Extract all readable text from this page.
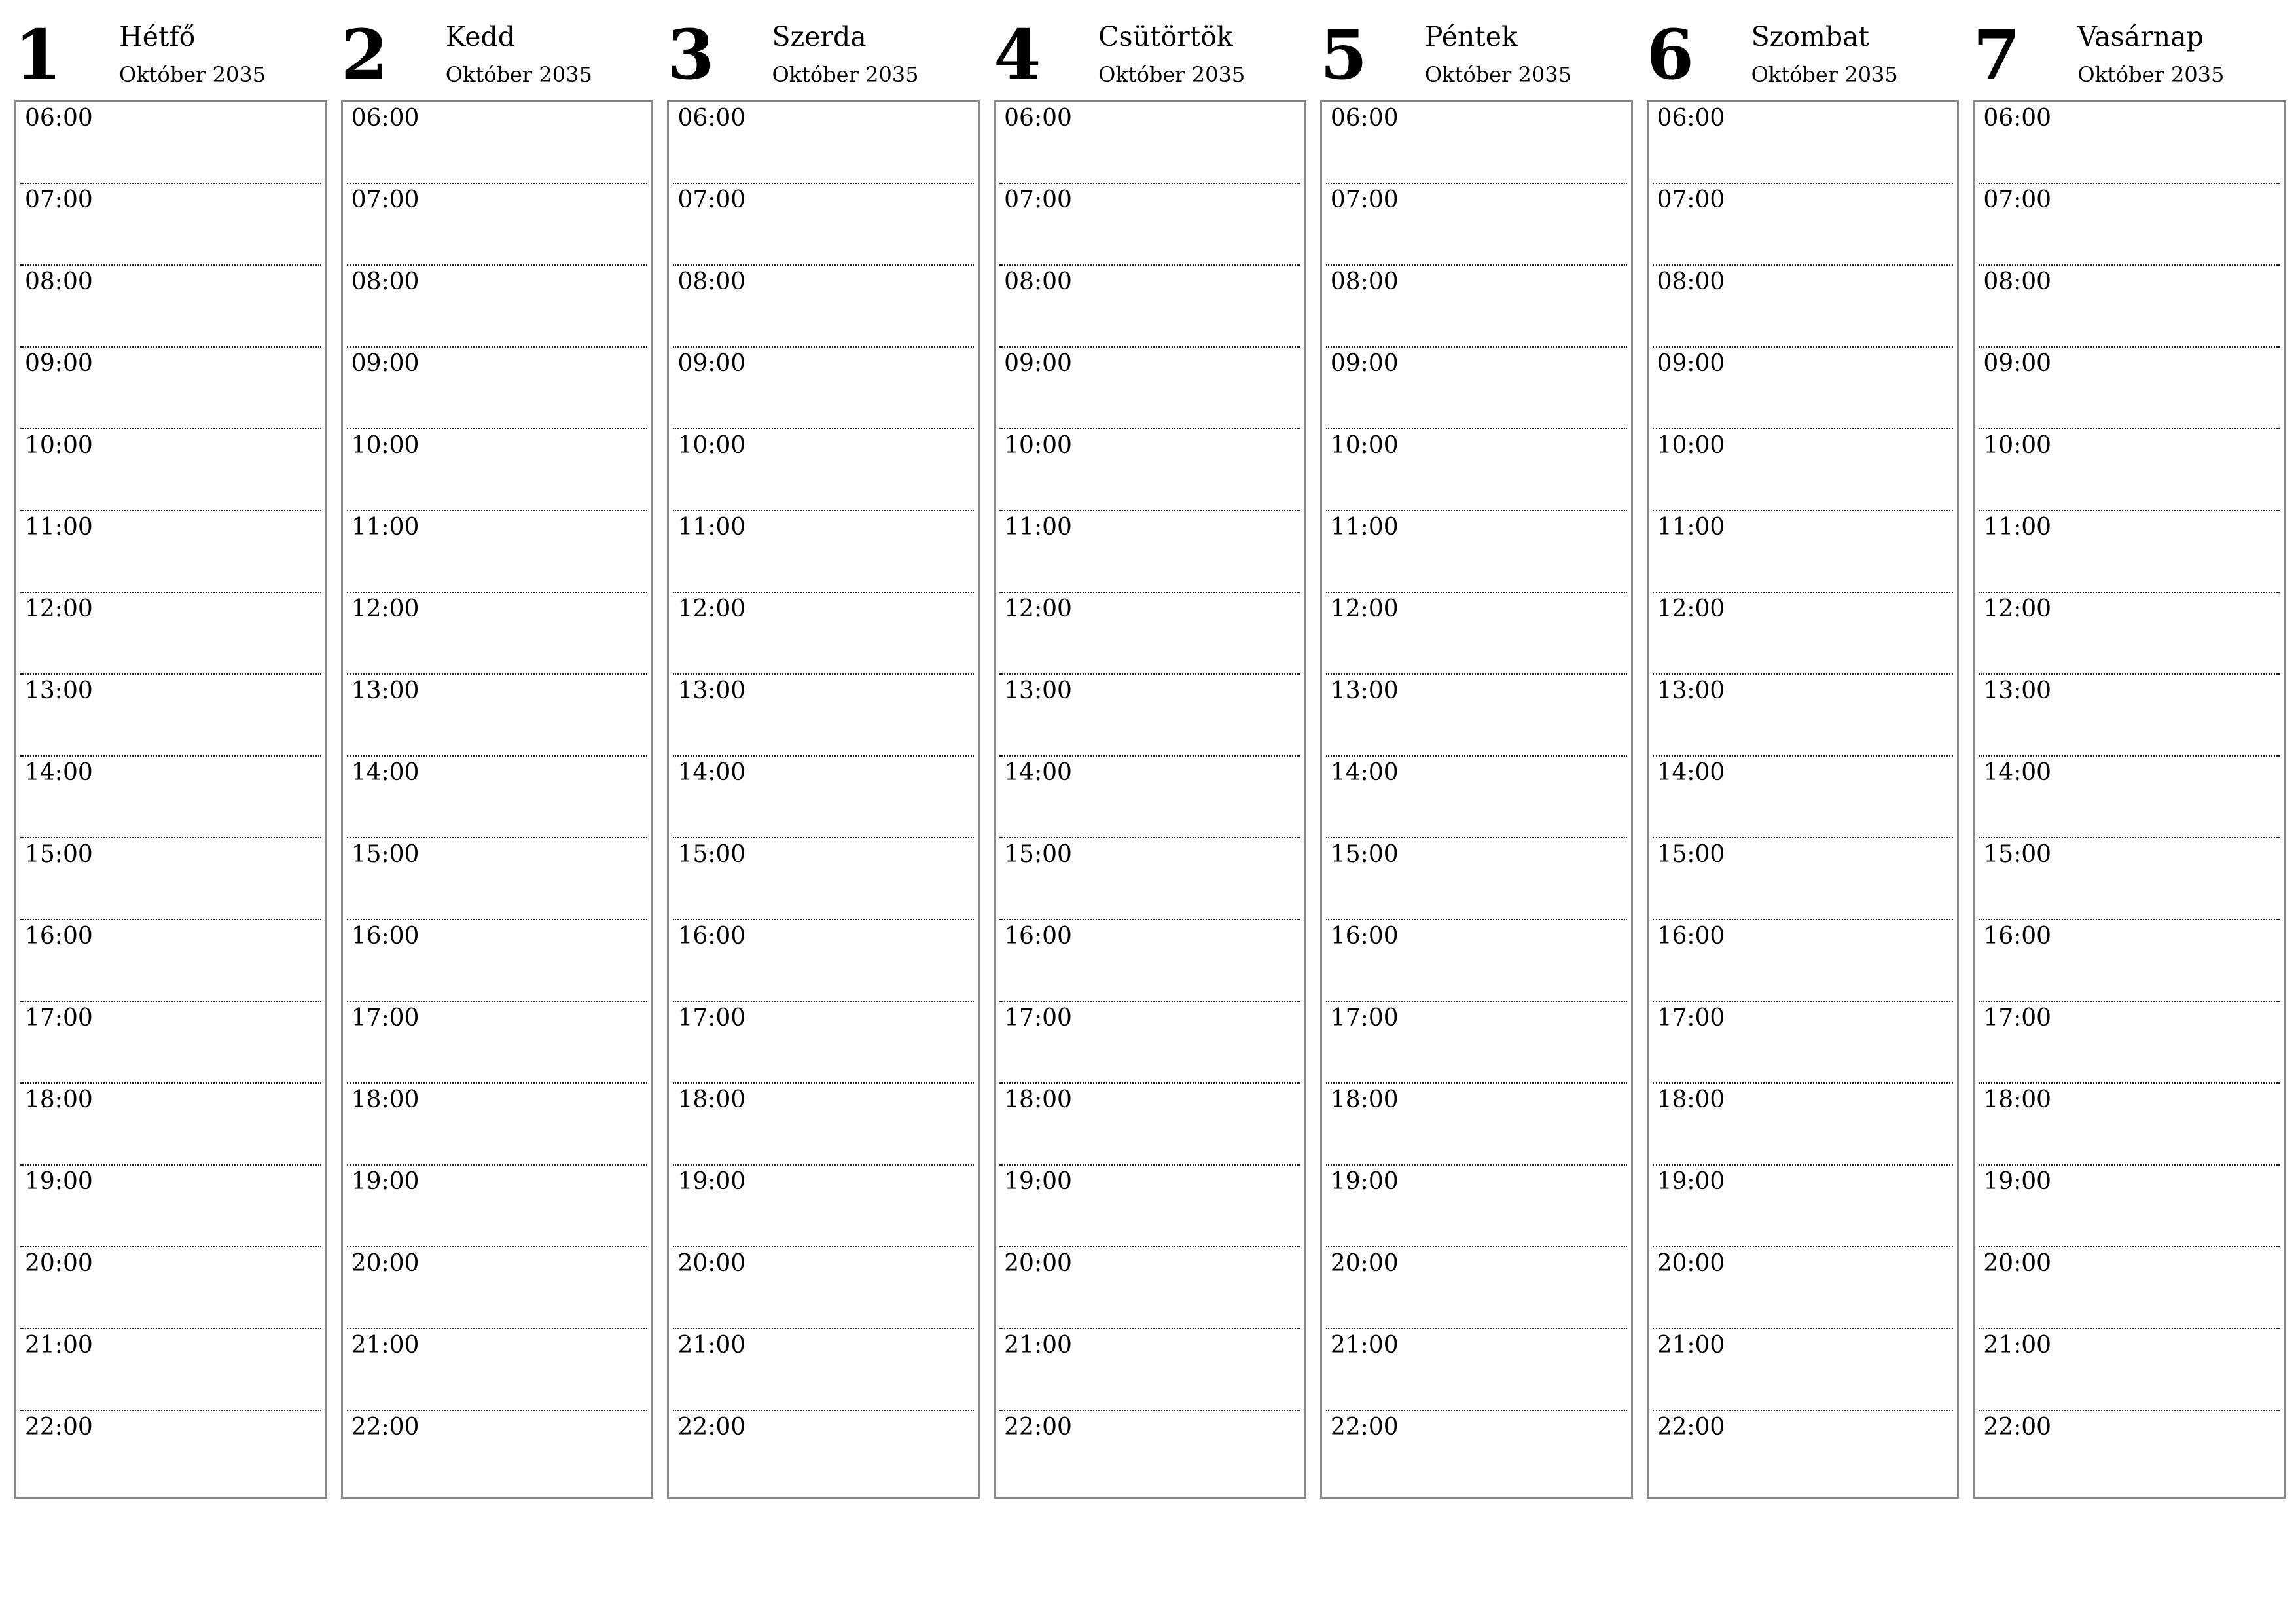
1 Hétfő
Október 2035
06:00
07:00
08:00
09:00
10:00
11:00
12:00
13:00
14:00
15:00
16:00
17:00
18:00
19:00
20:00
21:00
22:00
2 Kedd
Október 2035
06:00
07:00
08:00
09:00
10:00
11:00
12:00
13:00
14:00
15:00
16:00
17:00
18:00
19:00
20:00
21:00
22:00
3 Szerda
Október 2035
06:00
07:00
08:00
09:00
10:00
11:00
12:00
13:00
14:00
15:00
16:00
17:00
18:00
19:00
20:00
21:00
22:00
4 Csütörtök
Október 2035
06:00
07:00
08:00
09:00
10:00
11:00
12:00
13:00
14:00
15:00
16:00
17:00
18:00
19:00
20:00
21:00
22:00
5 Péntek
Október 2035
06:00
07:00
08:00
09:00
10:00
11:00
12:00
13:00
14:00
15:00
16:00
17:00
18:00
19:00
20:00
21:00
22:00
6 Szombat
Október 2035
06:00
07:00
08:00
09:00
10:00
11:00
12:00
13:00
14:00
15:00
16:00
17:00
18:00
19:00
20:00
21:00
22:00
7 Vasárnap
Október 2035
06:00
07:00
08:00
09:00
10:00
11:00
12:00
13:00
14:00
15:00
16:00
17:00
18:00
19:00
20:00
21:00
22:00
